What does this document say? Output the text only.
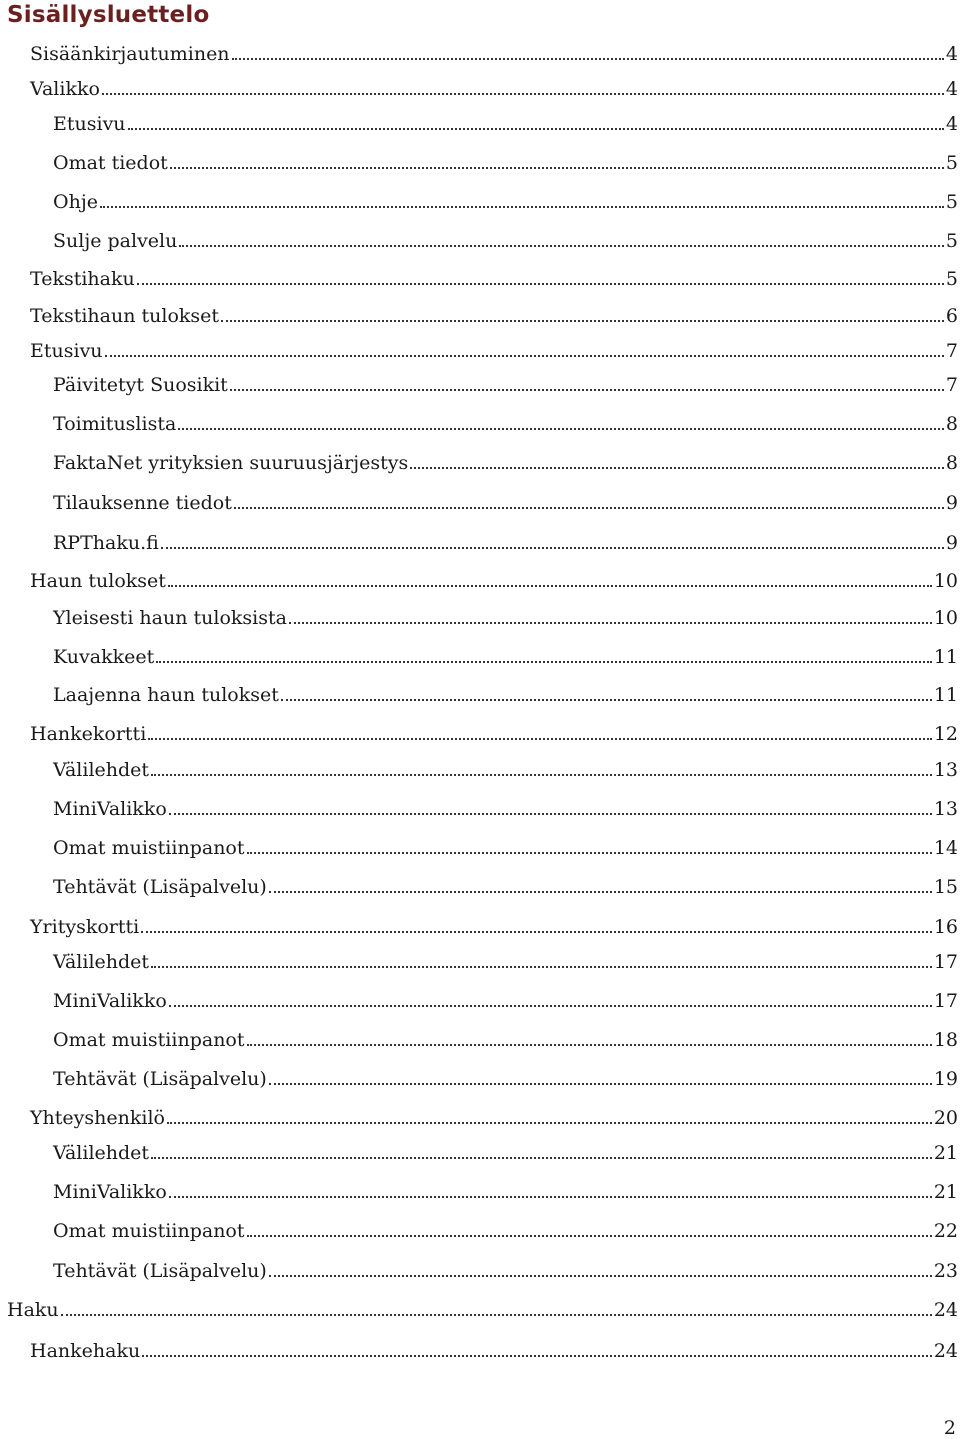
Sisällysluettelo
Sisäänkirjautuminen	4
Valikko	4
Etusivu	4
Omat tiedot	5
Ohje	5
Sulje palvelu	5
Tekstihaku	5
Tekstihaun tulokset	6
Etusivu	7
Päivitetyt Suosikit	7
Toimituslista	8
FaktaNet yrityksien suuruusjärjestys	8
Tilauksenne tiedot	9
RPThaku.fi	9
Haun tulokset	10
Yleisesti haun tuloksista	10
Kuvakkeet	11
Laajenna haun tulokset	11
Hankekortti	12
Välilehdet	13
MiniValikko	13
Omat muistiinpanot	14
Tehtävät (Lisäpalvelu)	15
Yrityskortti	16
Välilehdet	17
MiniValikko	17
Omat muistiinpanot	18
Tehtävät (Lisäpalvelu)	19
Yhteyshenkilö	20
Välilehdet	21
MiniValikko	21
Omat muistiinpanot	22
Tehtävät (Lisäpalvelu)	23
Haku	24
Hankehaku	24
2
